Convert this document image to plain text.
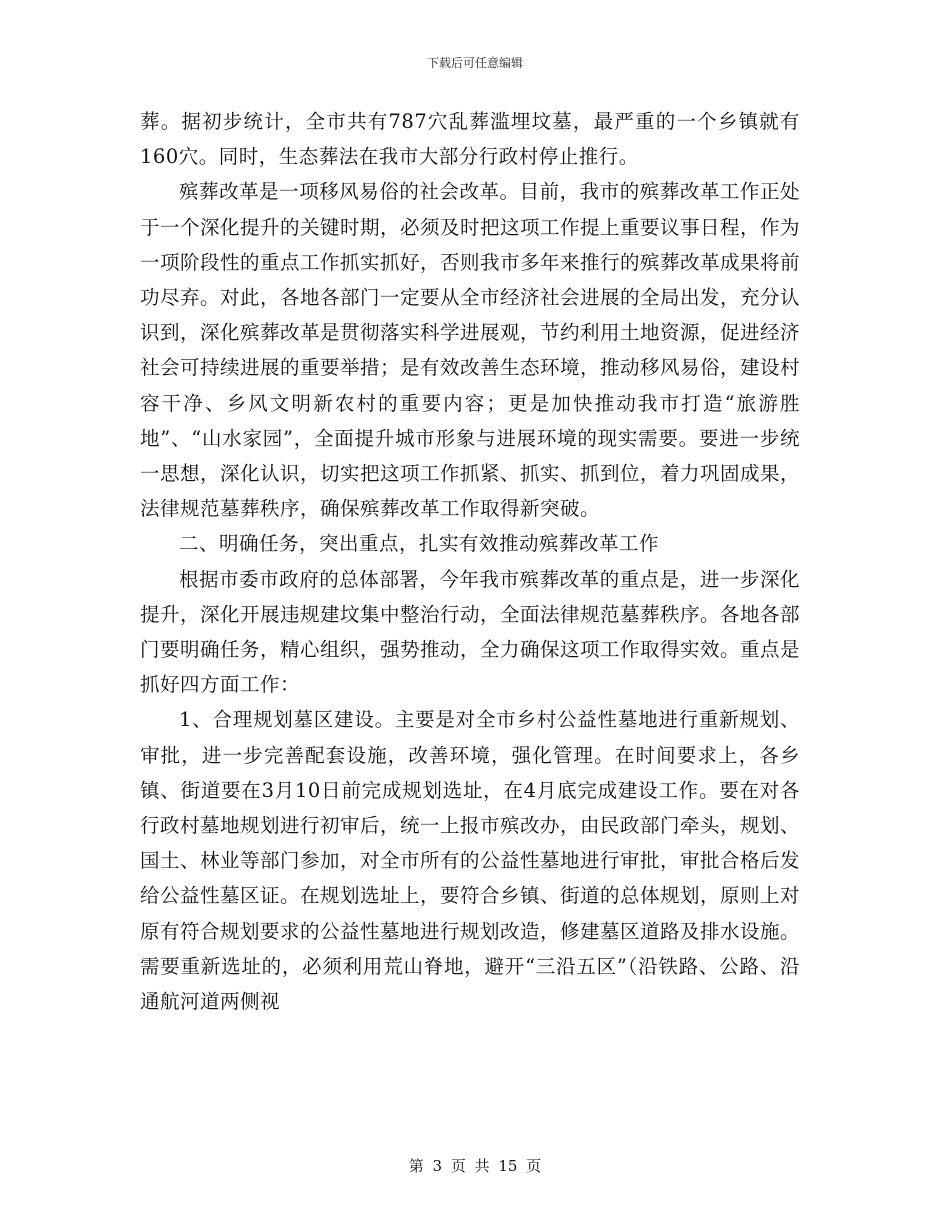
下载后可任意编辑

葬。据初步统计，全市共有787穴乱葬滥埋坟墓，最严重的一个乡镇就有160穴。同时，生态葬法在我市大部分行政村停止推行。

殡葬改革是一项移风易俗的社会改革。目前，我市的殡葬改革工作正处于一个深化提升的关键时期，必须及时把这项工作提上重要议事日程，作为一项阶段性的重点工作抓实抓好，否则我市多年来推行的殡葬改革成果将前功尽弃。对此，各地各部门一定要从全市经济社会进展的全局出发，充分认识到，深化殡葬改革是贯彻落实科学进展观，节约利用土地资源，促进经济社会可持续进展的重要举措；是有效改善生态环境，推动移风易俗，建设村容干净、乡风文明新农村的重要内容；更是加快推动我市打造“旅游胜地”、“山水家园”，全面提升城市形象与进展环境的现实需要。要进一步统一思想，深化认识，切实把这项工作抓紧、抓实、抓到位，着力巩固成果，法律规范墓葬秩序，确保殡葬改革工作取得新突破。

二、明确任务，突出重点，扎实有效推动殡葬改革工作

根据市委市政府的总体部署，今年我市殡葬改革的重点是，进一步深化提升，深化开展违规建坟集中整治行动，全面法律规范墓葬秩序。各地各部门要明确任务，精心组织，强势推动，全力确保这项工作取得实效。重点是抓好四方面工作：

1、合理规划墓区建设。主要是对全市乡村公益性墓地进行重新规划、审批，进一步完善配套设施，改善环境，强化管理。在时间要求上，各乡镇、街道要在3月10日前完成规划选址，在4月底完成建设工作。要在对各行政村墓地规划进行初审后，统一上报市殡改办，由民政部门牵头，规划、国土、林业等部门参加，对全市所有的公益性墓地进行审批，审批合格后发给公益性墓区证。在规划选址上，要符合乡镇、街道的总体规划，原则上对原有符合规划要求的公益性墓地进行规划改造，修建墓区道路及排水设施。需要重新选址的，必须利用荒山脊地，避开“三沿五区”（沿铁路、公路、沿通航河道两侧视

第 3 页 共 15 页
